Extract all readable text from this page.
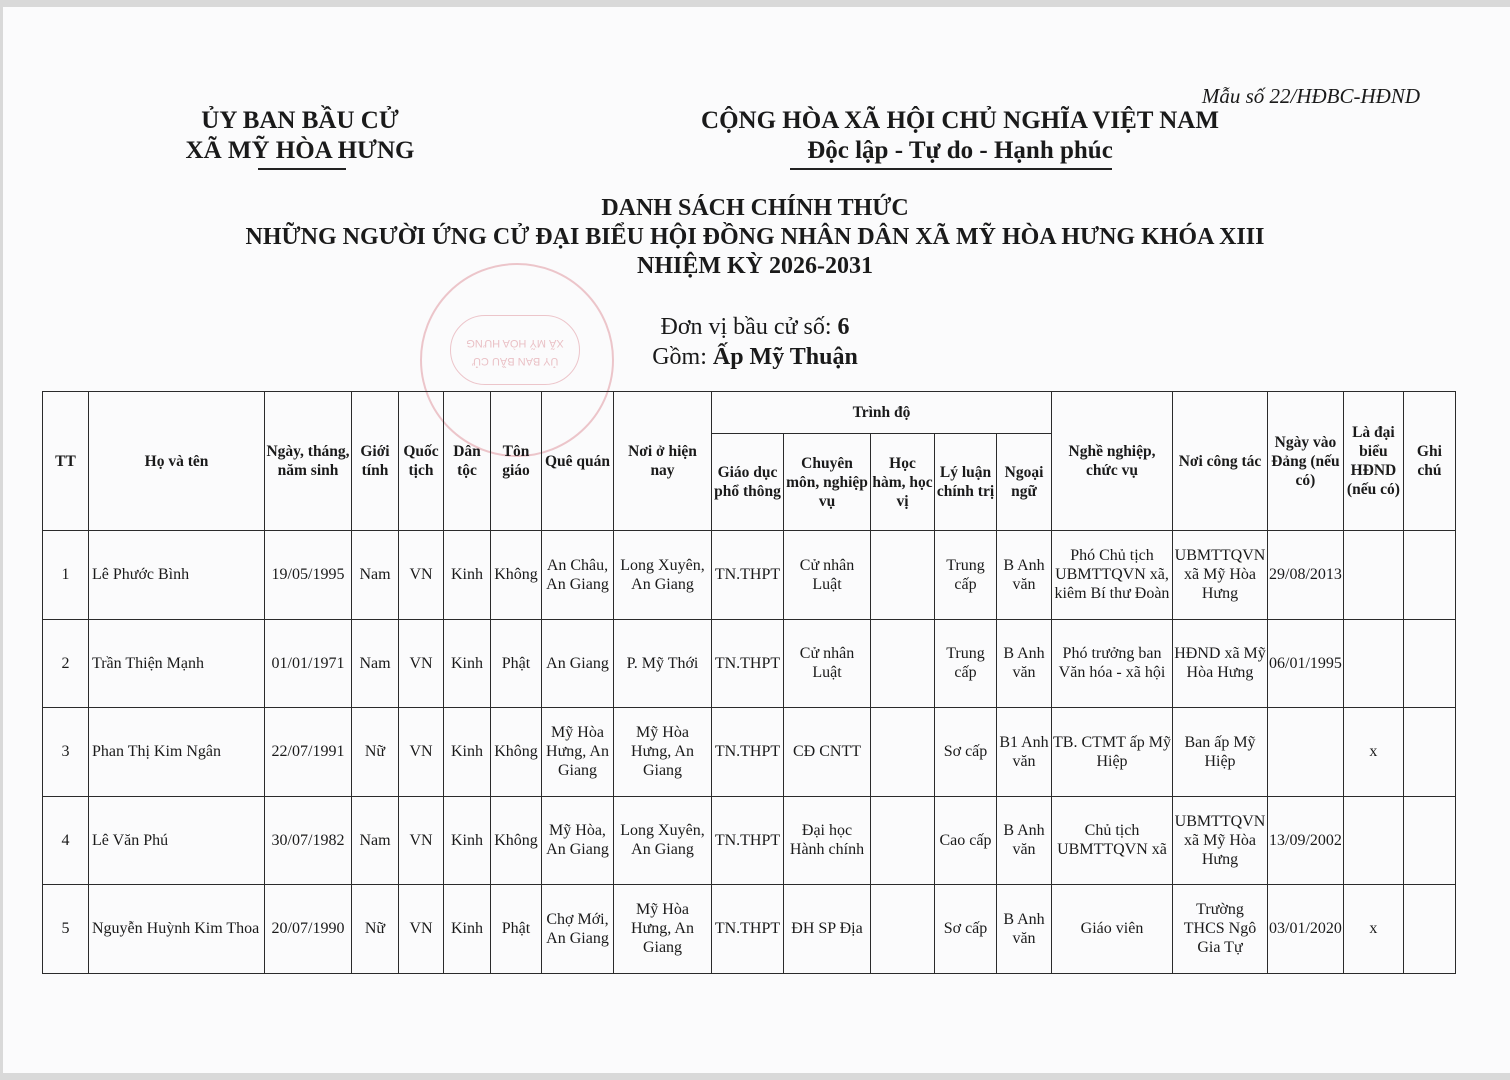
Mẫu số 22/HĐBC-HĐND
ỦY BAN BẦU CỬ
XÃ MỸ HÒA HƯNG
CỘNG HÒA XÃ HỘI CHỦ NGHĨA VIỆT NAM
Độc lập - Tự do - Hạnh phúc
ỦY BAN BẦU CỬ
XÃ MỸ HÒA HƯNG
DANH SÁCH CHÍNH THỨC
NHỮNG NGƯỜI ỨNG CỬ ĐẠI BIỂU HỘI ĐỒNG NHÂN DÂN XÃ MỸ HÒA HƯNG KHÓA XIII
NHIỆM KỲ 2026-2031
Đơn vị bầu cử số: 6
Gồm: Ấp Mỹ Thuận
TT	Họ và tên	Ngày, tháng, năm sinh	Giới tính	Quốc tịch	Dân tộc	Tôn giáo	Quê quán	Nơi ở hiện nay	Trình độ					Nghề nghiệp, chức vụ	Nơi công tác	Ngày vào Đảng (nếu có)	Là đại biểu HĐND (nếu có)	Ghi chú
									Giáo dục phổ thông	Chuyên môn, nghiệp vụ	Học hàm, học vị	Lý luận chính trị	Ngoại ngữ					
1	Lê Phước Bình	19/05/1995	Nam	VN	Kinh	Không	An Châu, An Giang	Long Xuyên, An Giang	TN.THPT	Cử nhân Luật		Trung cấp	B Anh văn	Phó Chủ tịch UBMTTQVN xã, kiêm Bí thư Đoàn	UBMTTQVN xã Mỹ Hòa Hưng	29/08/2013		
2	Trần Thiện Mạnh	01/01/1971	Nam	VN	Kinh	Phật	An Giang	P. Mỹ Thới	TN.THPT	Cử nhân Luật		Trung cấp	B Anh văn	Phó trưởng ban Văn hóa - xã hội	HĐND xã Mỹ Hòa Hưng	06/01/1995		
3	Phan Thị Kim Ngân	22/07/1991	Nữ	VN	Kinh	Không	Mỹ Hòa Hưng, An Giang	Mỹ Hòa Hưng, An Giang	TN.THPT	CĐ CNTT		Sơ cấp	B1 Anh văn	TB. CTMT ấp Mỹ Hiệp	Ban ấp Mỹ Hiệp		x	
4	Lê Văn Phú	30/07/1982	Nam	VN	Kinh	Không	Mỹ Hòa, An Giang	Long Xuyên, An Giang	TN.THPT	Đại học Hành chính		Cao cấp	B Anh văn	Chủ tịch UBMTTQVN xã	UBMTTQVN xã Mỹ Hòa Hưng	13/09/2002		
5	Nguyễn Huỳnh Kim Thoa	20/07/1990	Nữ	VN	Kinh	Phật	Chợ Mới, An Giang	Mỹ Hòa Hưng, An Giang	TN.THPT	ĐH SP Địa		Sơ cấp	B Anh văn	Giáo viên	Trường THCS Ngô Gia Tự	03/01/2020	x	
